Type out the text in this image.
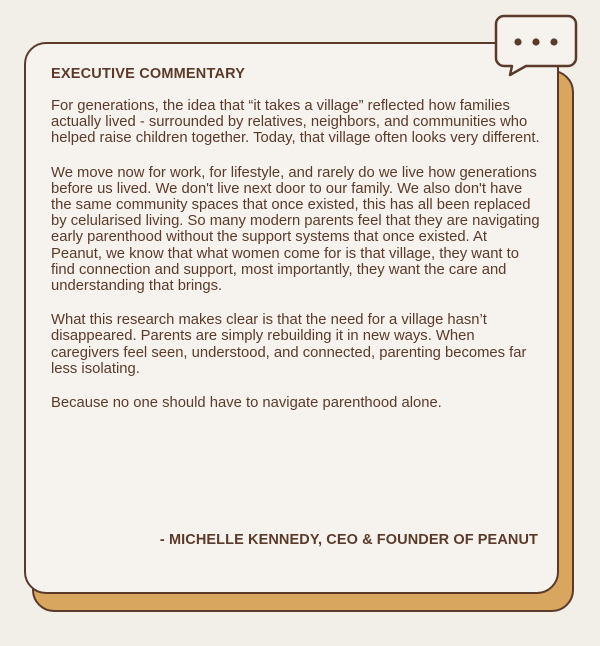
EXECUTIVE COMMENTARY

For generations, the idea that “it takes a village” reflected how families actually lived - surrounded by relatives, neighbors, and communities who helped raise children together. Today, that village often looks very different.

We move now for work, for lifestyle, and rarely do we live how generations before us lived. We don't live next door to our family. We also don't have the same community spaces that once existed, this has all been replaced by celularised living. So many modern parents feel that they are navigating early parenthood without the support systems that once existed. At Peanut, we know that what women come for is that village, they want to find connection and support, most importantly, they want the care and understanding that brings.

What this research makes clear is that the need for a village hasn’t disappeared. Parents are simply rebuilding it in new ways. When caregivers feel seen, understood, and connected, parenting becomes far less isolating.

Because no one should have to navigate parenthood alone.

- MICHELLE KENNEDY, CEO & FOUNDER OF PEANUT
